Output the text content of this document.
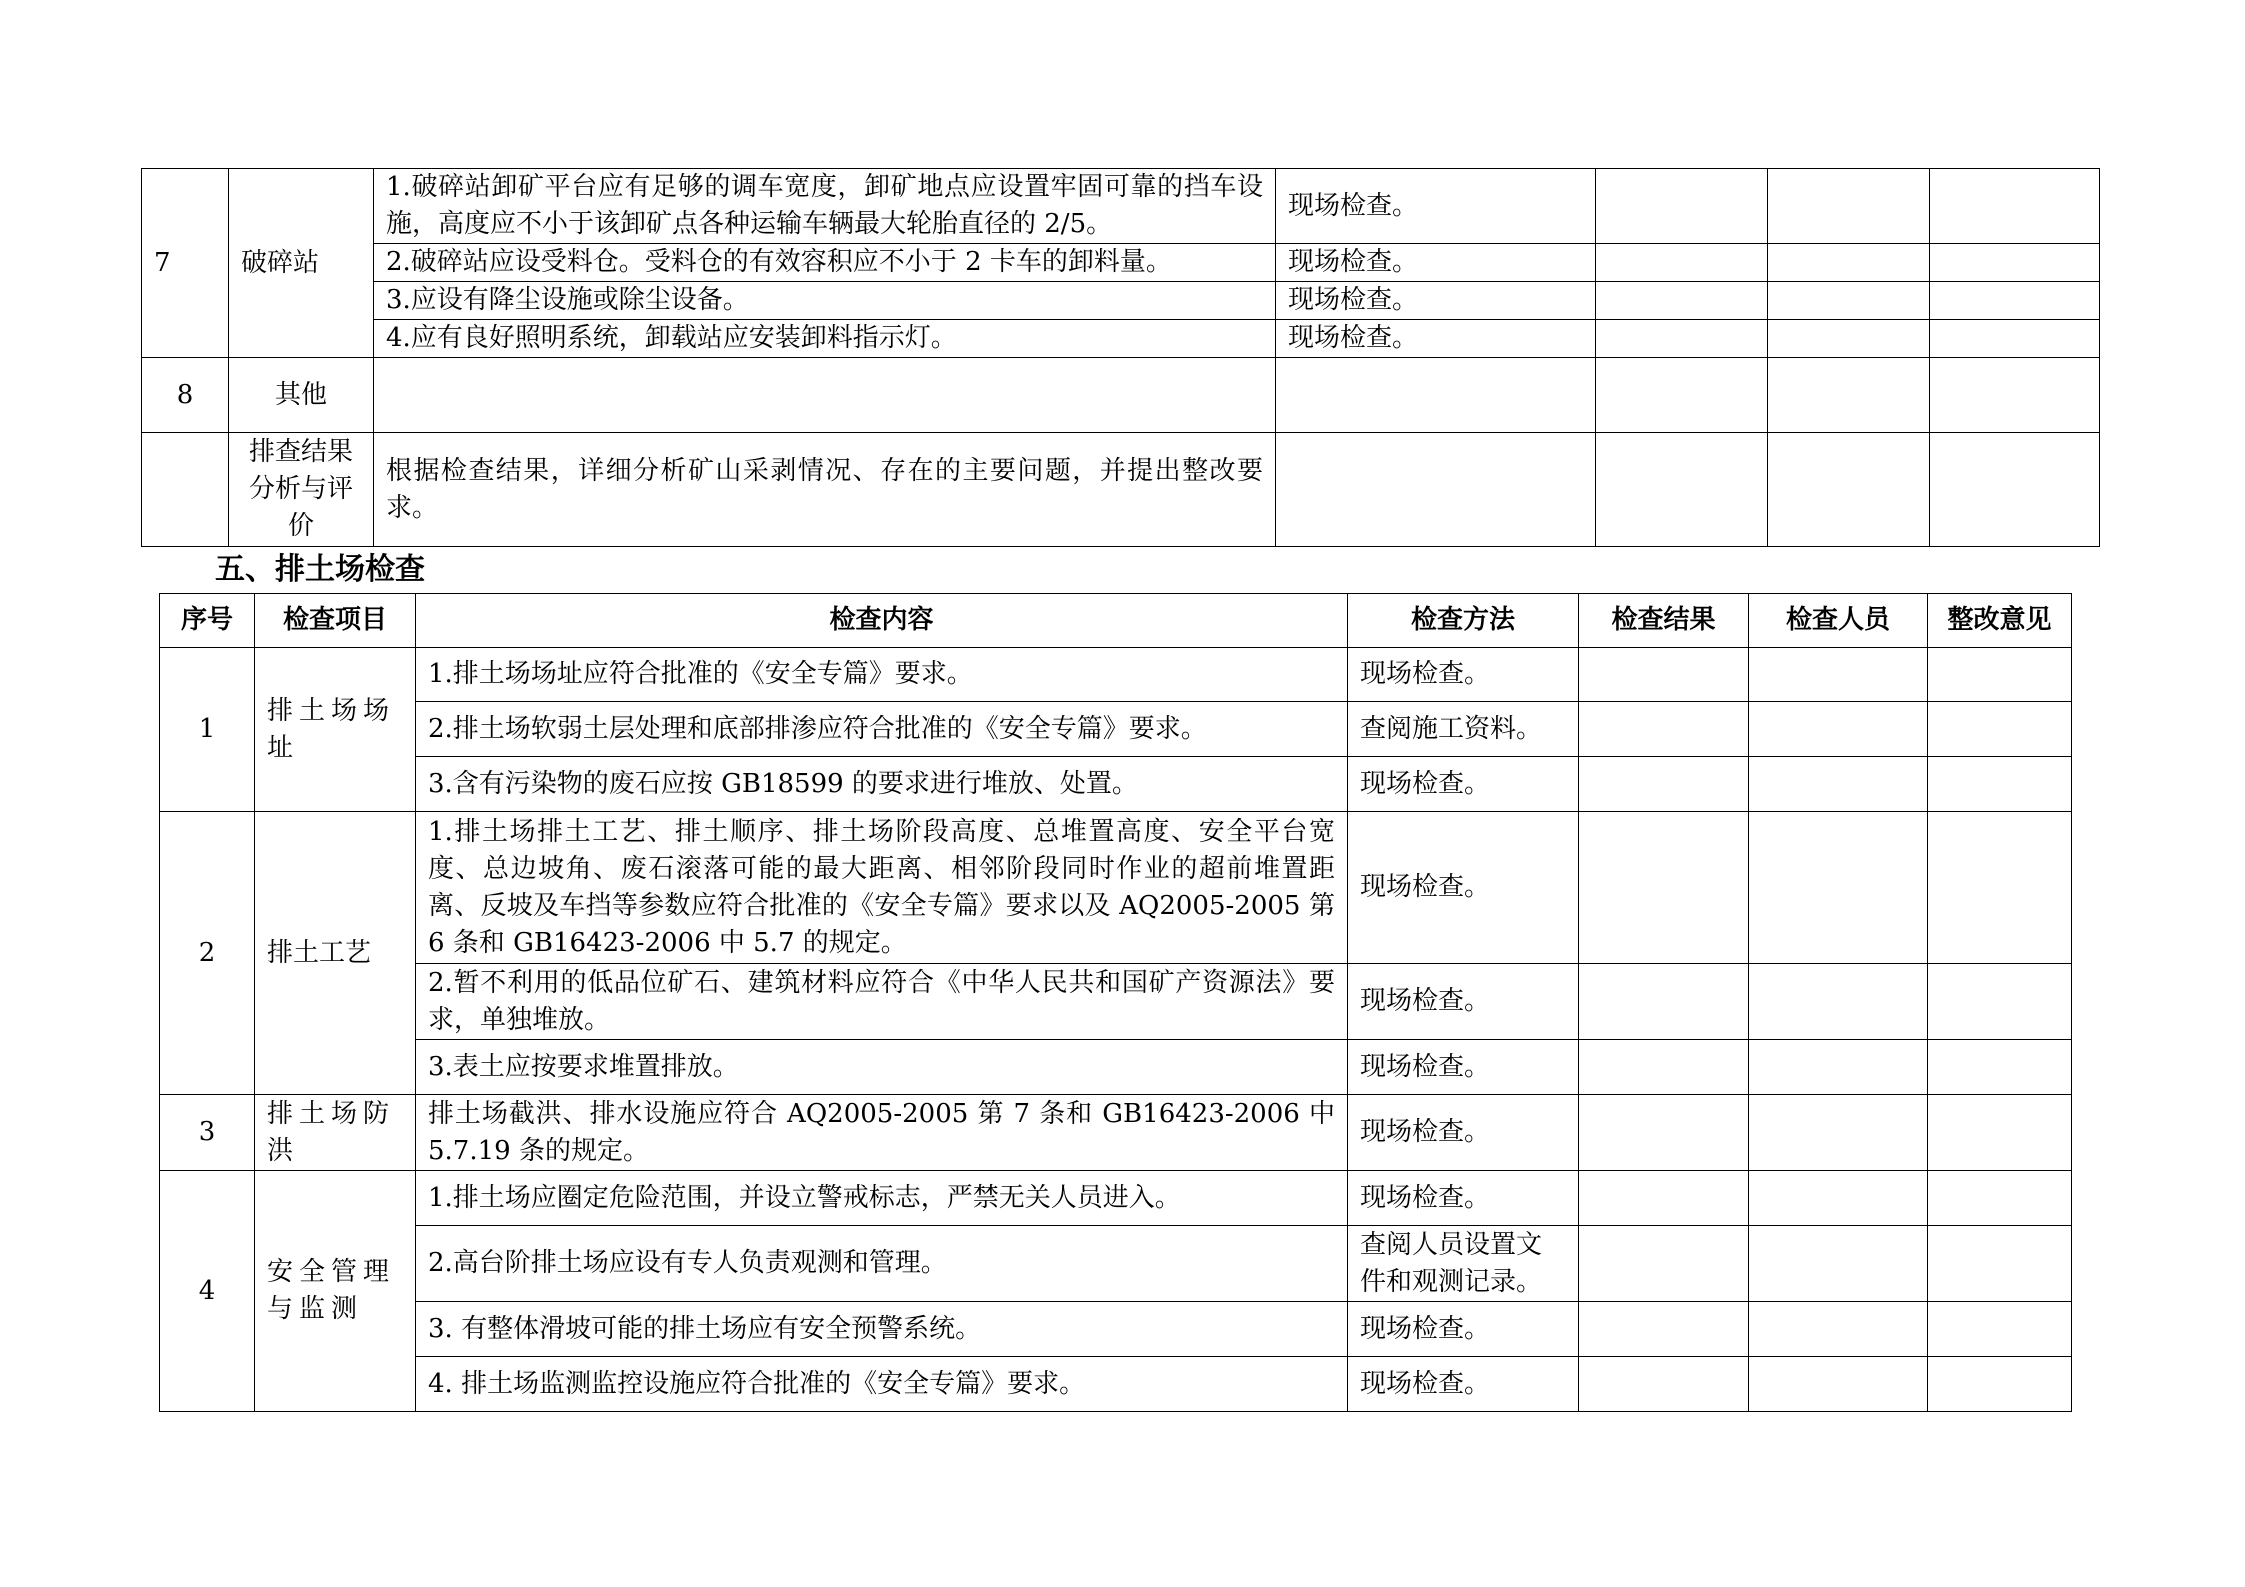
7	破碎站	1.破碎站卸矿平台应有足够的调车宽度，卸矿地点应设置牢固可靠的挡车设施，高度应不小于该卸矿点各种运输车辆最大轮胎直径的 2/5。	现场检查。			
		2.破碎站应设受料仓。受料仓的有效容积应不小于 2 卡车的卸料量。	现场检查。			
		3.应设有降尘设施或除尘设备。	现场检查。			
		4.应有良好照明系统，卸载站应安装卸料指示灯。	现场检查。			
8	其他					
	排查结果分析与评价	根据检查结果，详细分析矿山采剥情况、存在的主要问题，并提出整改要求。				
五、排土场检查
序号	检查项目	检查内容	检查方法	检查结果	检查人员	整改意见
1	排土场场址	1.排土场场址应符合批准的《安全专篇》要求。	现场检查。			
		2.排土场软弱土层处理和底部排渗应符合批准的《安全专篇》要求。	查阅施工资料。			
		3.含有污染物的废石应按 GB18599 的要求进行堆放、处置。	现场检查。			
2	排土工艺	1.排土场排土工艺、排土顺序、排土场阶段高度、总堆置高度、安全平台宽度、总边坡角、废石滚落可能的最大距离、相邻阶段同时作业的超前堆置距离、反坡及车挡等参数应符合批准的《安全专篇》要求以及 AQ2005-2005 第 6 条和 GB16423-2006 中 5.7 的规定。	现场检查。			
		2.暂不利用的低品位矿石、建筑材料应符合《中华人民共和国矿产资源法》要求，单独堆放。	现场检查。			
		3.表土应按要求堆置排放。	现场检查。			
3	排土场防洪	排土场截洪、排水设施应符合 AQ2005-2005 第 7 条和 GB16423-2006 中 5.7.19 条的规定。	现场检查。			
4	安全管理与监测	1.排土场应圈定危险范围，并设立警戒标志，严禁无关人员进入。	现场检查。			
		2.高台阶排土场应设有专人负责观测和管理。	查阅人员设置文件和观测记录。			
		3. 有整体滑坡可能的排土场应有安全预警系统。	现场检查。			
		4. 排土场监测监控设施应符合批准的《安全专篇》要求。	现场检查。			
